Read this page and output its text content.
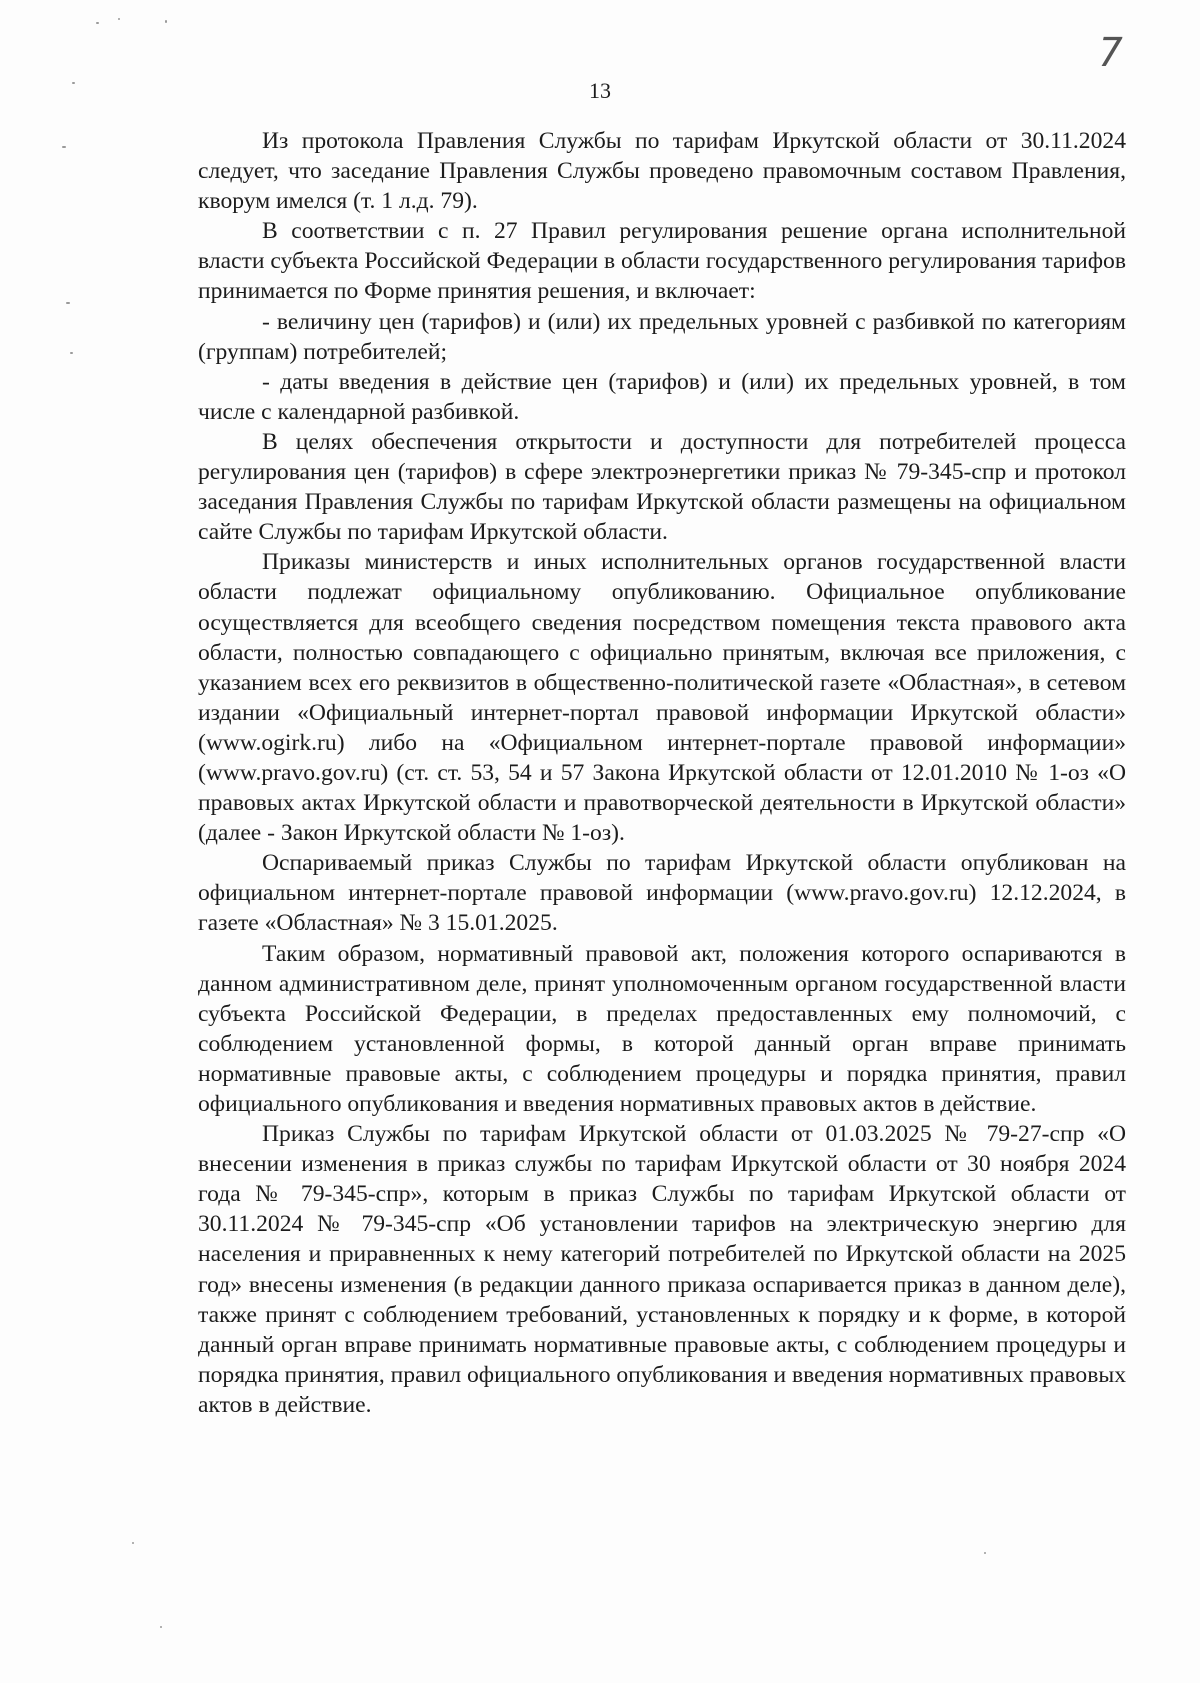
7
13

Из протокола Правления Службы по тарифам Иркутской области от 30.11.2024 следует, что заседание Правления Службы проведено правомочным составом Правления, кворум имелся (т. 1 л.д. 79).

В соответствии с п. 27 Правил регулирования решение органа исполнительной власти субъекта Российской Федерации в области государственного регулирования тарифов принимается по Форме принятия решения, и включает:

- величину цен (тарифов) и (или) их предельных уровней с разбивкой по категориям (группам) потребителей;

- даты введения в действие цен (тарифов) и (или) их предельных уровней, в том числе с календарной разбивкой.

В целях обеспечения открытости и доступности для потребителей процесса регулирования цен (тарифов) в сфере электроэнергетики приказ № 79-345-спр и протокол заседания Правления Службы по тарифам Иркутской области размещены на официальном сайте Службы по тарифам Иркутской области.

Приказы министерств и иных исполнительных органов государственной власти области подлежат официальному опубликованию. Официальное опубликование осуществляется для всеобщего сведения посредством помещения текста правового акта области, полностью совпадающего с официально принятым, включая все приложения, с указанием всех его реквизитов в общественно-политической газете «Областная», в сетевом издании «Официальный интернет-портал правовой информации Иркутской области» (www.ogirk.ru) либо на «Официальном интернет-портале правовой информации» (www.pravo.gov.ru) (ст. ст. 53, 54 и 57 Закона Иркутской области от 12.01.2010 № 1-оз «О правовых актах Иркутской области и правотворческой деятельности в Иркутской области» (далее - Закон Иркутской области № 1-оз).

Оспариваемый приказ Службы по тарифам Иркутской области опубликован на официальном интернет-портале правовой информации (www.pravo.gov.ru) 12.12.2024, в газете «Областная» № 3 15.01.2025.

Таким образом, нормативный правовой акт, положения которого оспариваются в данном административном деле, принят уполномоченным органом государственной власти субъекта Российской Федерации, в пределах предоставленных ему полномочий, с соблюдением установленной формы, в которой данный орган вправе принимать нормативные правовые акты, с соблюдением процедуры и порядка принятия, правил официального опубликования и введения нормативных правовых актов в действие.

Приказ Службы по тарифам Иркутской области от 01.03.2025 № 79-27-спр «О внесении изменения в приказ службы по тарифам Иркутской области от 30 ноября 2024 года № 79-345-спр», которым в приказ Службы по тарифам Иркутской области от 30.11.2024 № 79-345-спр «Об установлении тарифов на электрическую энергию для населения и приравненных к нему категорий потребителей по Иркутской области на 2025 год» внесены изменения (в редакции данного приказа оспаривается приказ в данном деле), также принят с соблюдением требований, установленных к порядку и к форме, в которой данный орган вправе принимать нормативные правовые акты, с соблюдением процедуры и порядка принятия, правил официального опубликования и введения нормативных правовых актов в действие.
